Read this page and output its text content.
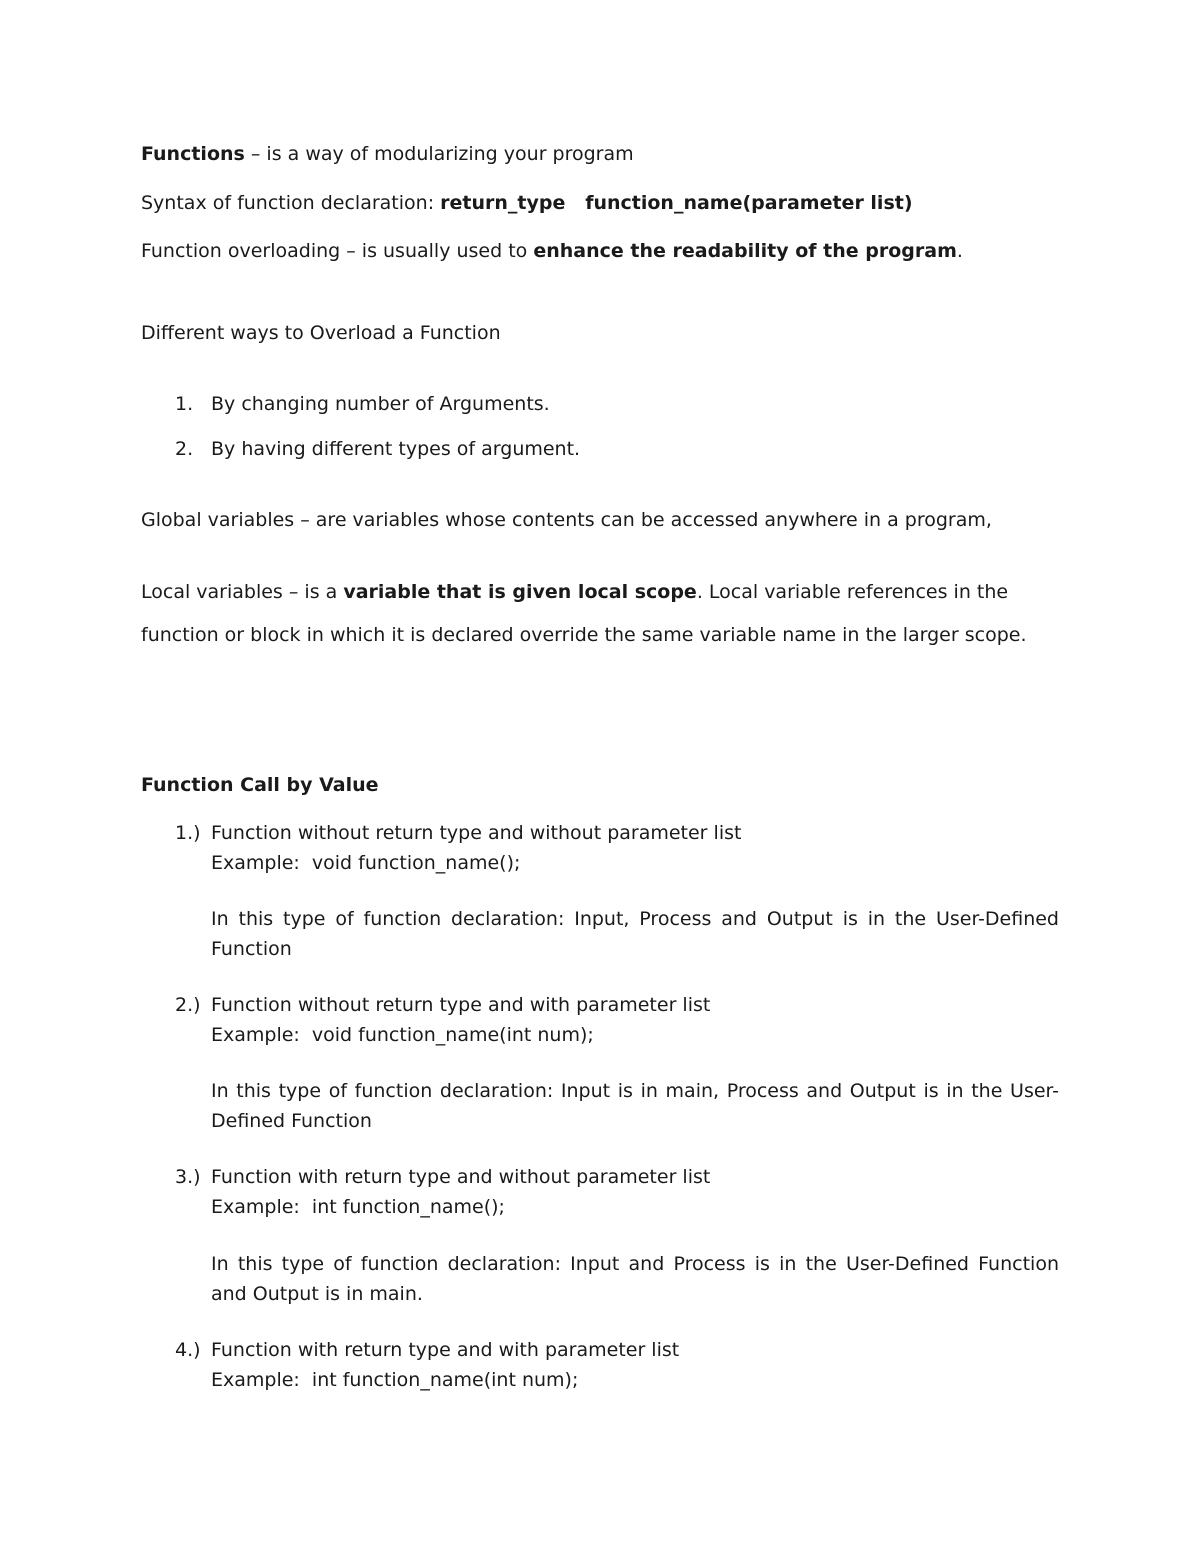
Functions – is a way of modularizing your program
Syntax of function declaration: return_type   function_name(parameter list)
Function overloading – is usually used to enhance the readability of the program.
Different ways to Overload a Function
1. By changing number of Arguments.
2. By having different types of argument.
Global variables – are variables whose contents can be accessed anywhere in a program,
Local variables – is a variable that is given local scope. Local variable references in the
function or block in which it is declared override the same variable name in the larger scope.
Function Call by Value
1.) Function without return type and without parameter list
Example:  void function_name();
In this type of function declaration: Input, Process and Output is in the User-Defined Function
2.) Function without return type and with parameter list
Example:  void function_name(int num);
In this type of function declaration: Input is in main, Process and Output is in the User-Defined Function
3.) Function with return type and without parameter list
Example:  int function_name();
In this type of function declaration: Input and Process is in the User-Defined Function and Output is in main.
4.) Function with return type and with parameter list
Example:  int function_name(int num);
